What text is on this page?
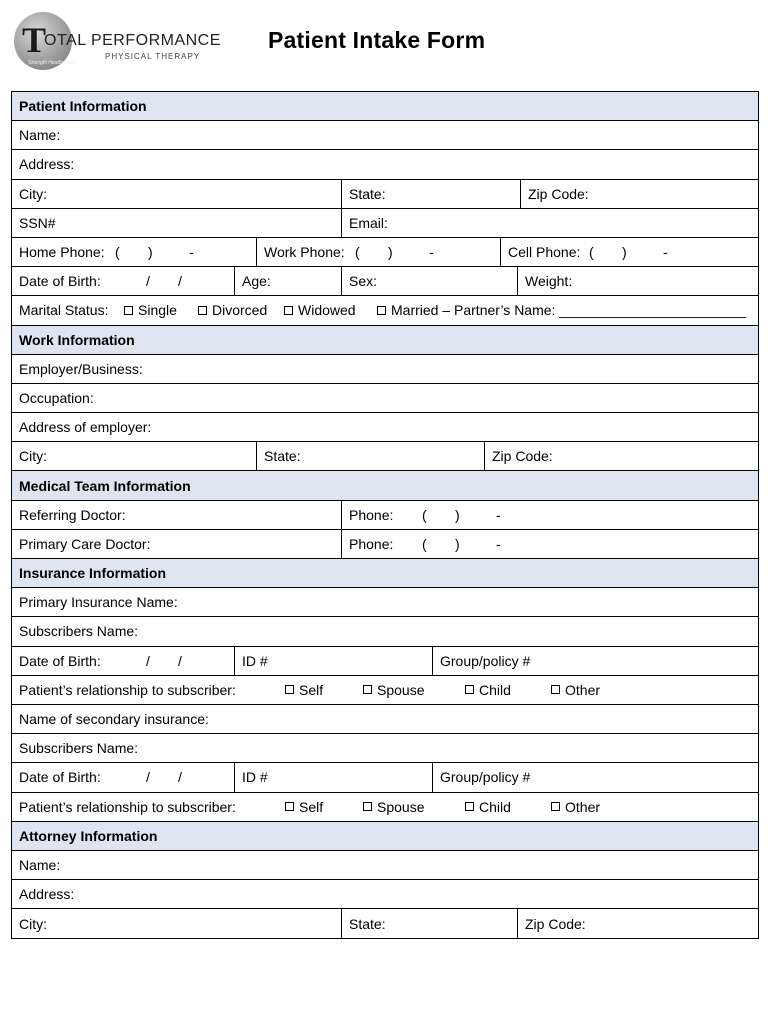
T
OTAL PERFORMANCE
PHYSICAL THERAPY
Strength Health Ability
Patient Intake Form
Patient Information
Name:
Address:
City:	State:	Zip Code:
SSN#	Email:
Home Phone: ( )	-	Work Phone: ( )	-	Cell Phone: ( )	-
Date of Birth:	/ /	Age:	Sex:	Weight:
Marital Status:	Single	Divorced Widowed	Married – Partner’s Name: ________________________
Work Information
Employer/Business:
Occupation:
Address of employer:
City:	State:	Zip Code:
Medical Team Information
Referring Doctor:	Phone: ( )	-
Primary Care Doctor:	Phone: ( )	-
Insurance Information
Primary Insurance Name:
Subscribers Name:
Date of Birth:	/ /	ID #	Group/policy #
Patient’s relationship to subscriber:	Self	Spouse	Child	Other
Name of secondary insurance:
Subscribers Name:
Date of Birth:	/ /	ID #	Group/policy #
Patient’s relationship to subscriber:	Self	Spouse	Child	Other
Attorney Information
Name:
Address:
City:	State:	Zip Code:
